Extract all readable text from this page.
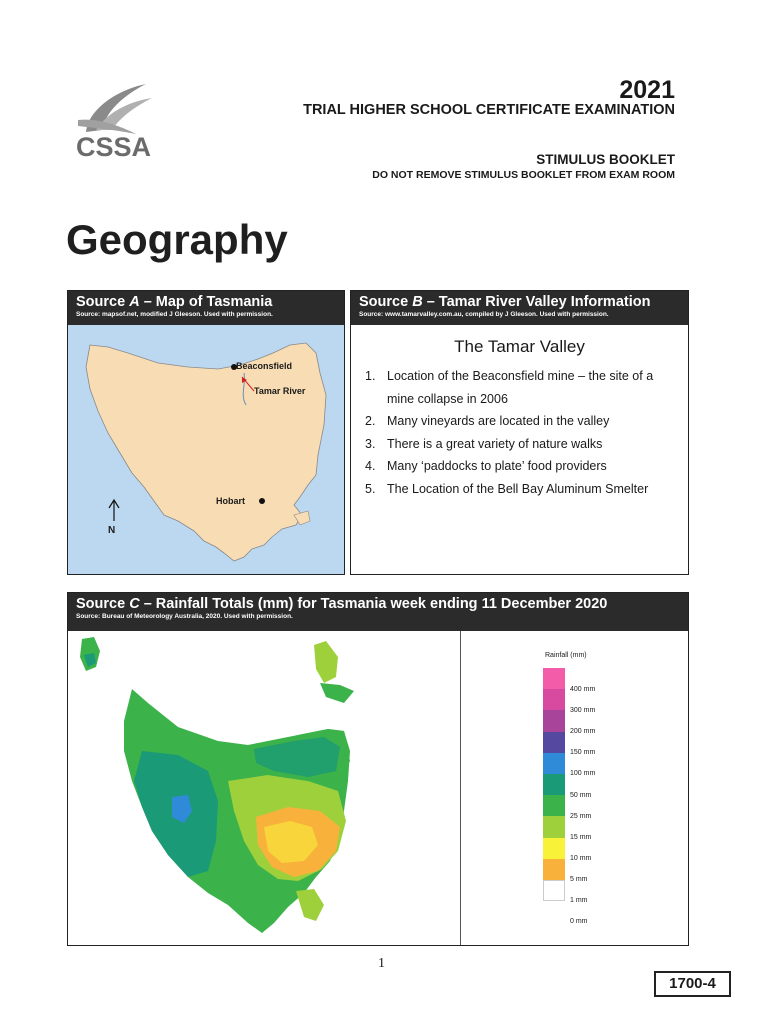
CSSA
2021
TRIAL HIGHER SCHOOL CERTIFICATE EXAMINATION
STIMULUS BOOKLET
DO NOT REMOVE STIMULUS BOOKLET FROM EXAM ROOM
Geography
Source A – Map of Tasmania
Source: mapsof.net, modified J Gleeson. Used with permission.
Beaconsfield
Tamar River
Hobart
N
Source B – Tamar River Valley Information
Source: www.tamarvalley.com.au, compiled by J Gleeson. Used with permission.
The Tamar Valley
1. Location of the Beaconsfield mine – the site of a mine collapse in 2006
2. Many vineyards are located in the valley
3. There is a great variety of nature walks
4. Many ‘paddocks to plate’ food providers
5. The Location of the Bell Bay Aluminum Smelter
Source C – Rainfall Totals (mm) for Tasmania week ending 11 December 2020
Source: Bureau of Meteorology Australia, 2020. Used with permission.
Rainfall (mm)
400 mm
300 mm
200 mm
150 mm
100 mm
50 mm
25 mm
15 mm
10 mm
5 mm
1 mm
0 mm
1
1700-4
